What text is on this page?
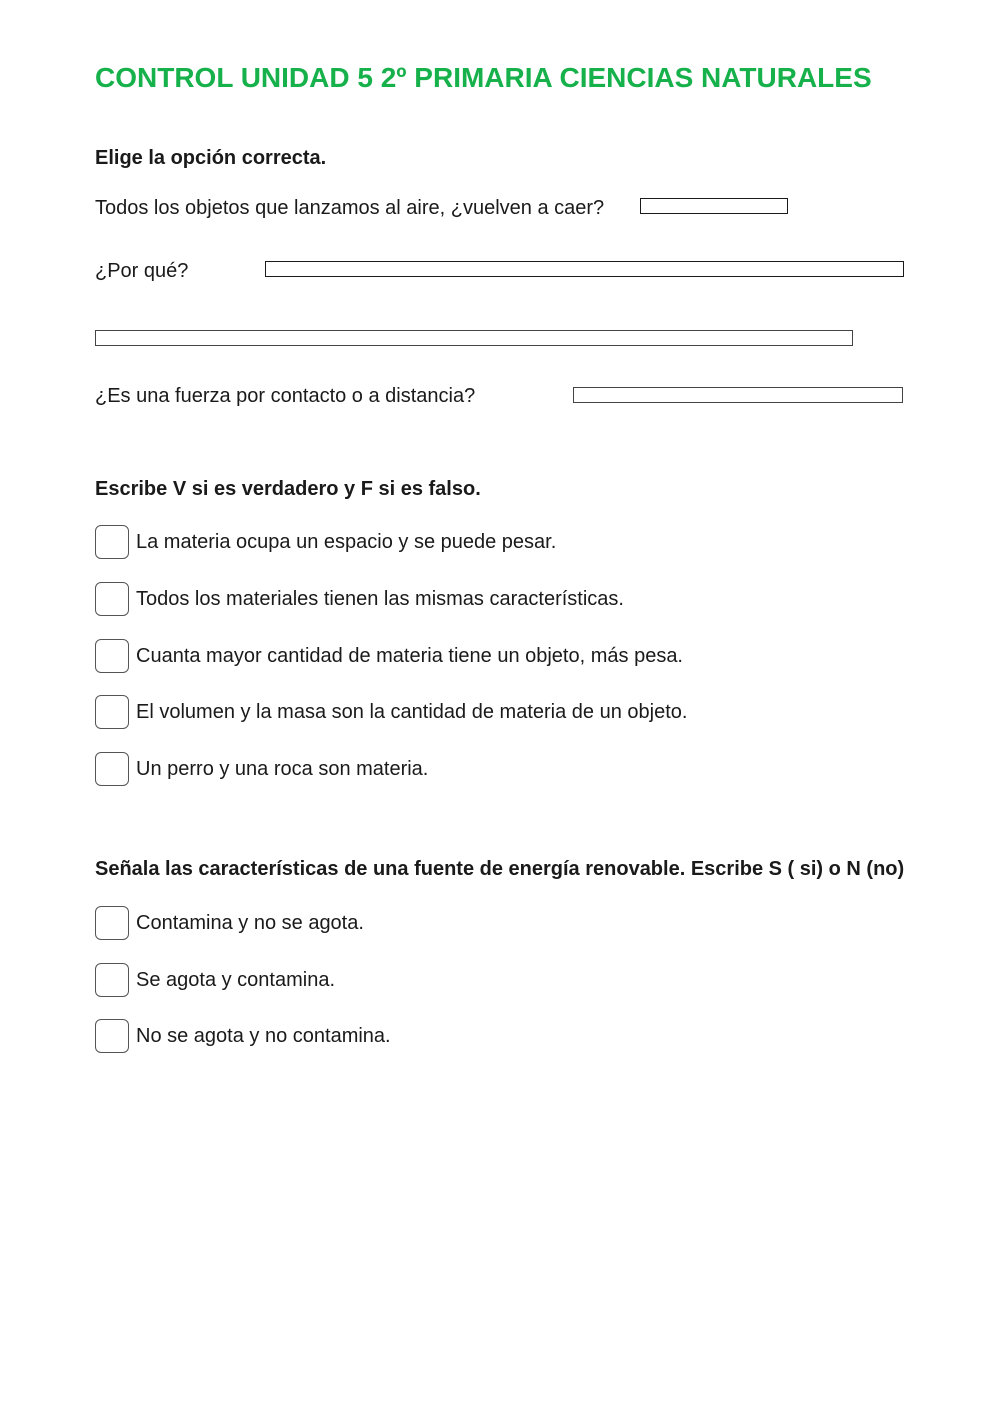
CONTROL UNIDAD 5 2º PRIMARIA CIENCIAS NATURALES
Elige la opción correcta.
Todos los objetos que lanzamos al aire, ¿vuelven a caer?
¿Por qué?
¿Es una fuerza por contacto o a distancia?
Escribe V si es verdadero y F si es falso.
La materia ocupa un espacio y se puede pesar.
Todos los materiales tienen las mismas características.
Cuanta mayor cantidad de materia tiene un objeto, más pesa.
El volumen y la masa son la cantidad de materia de un objeto.
Un perro y una roca son materia.
Señala las características de una fuente de energía renovable. Escribe S ( si) o N (no)
Contamina y no se agota.
Se agota y contamina.
No se agota y no contamina.
